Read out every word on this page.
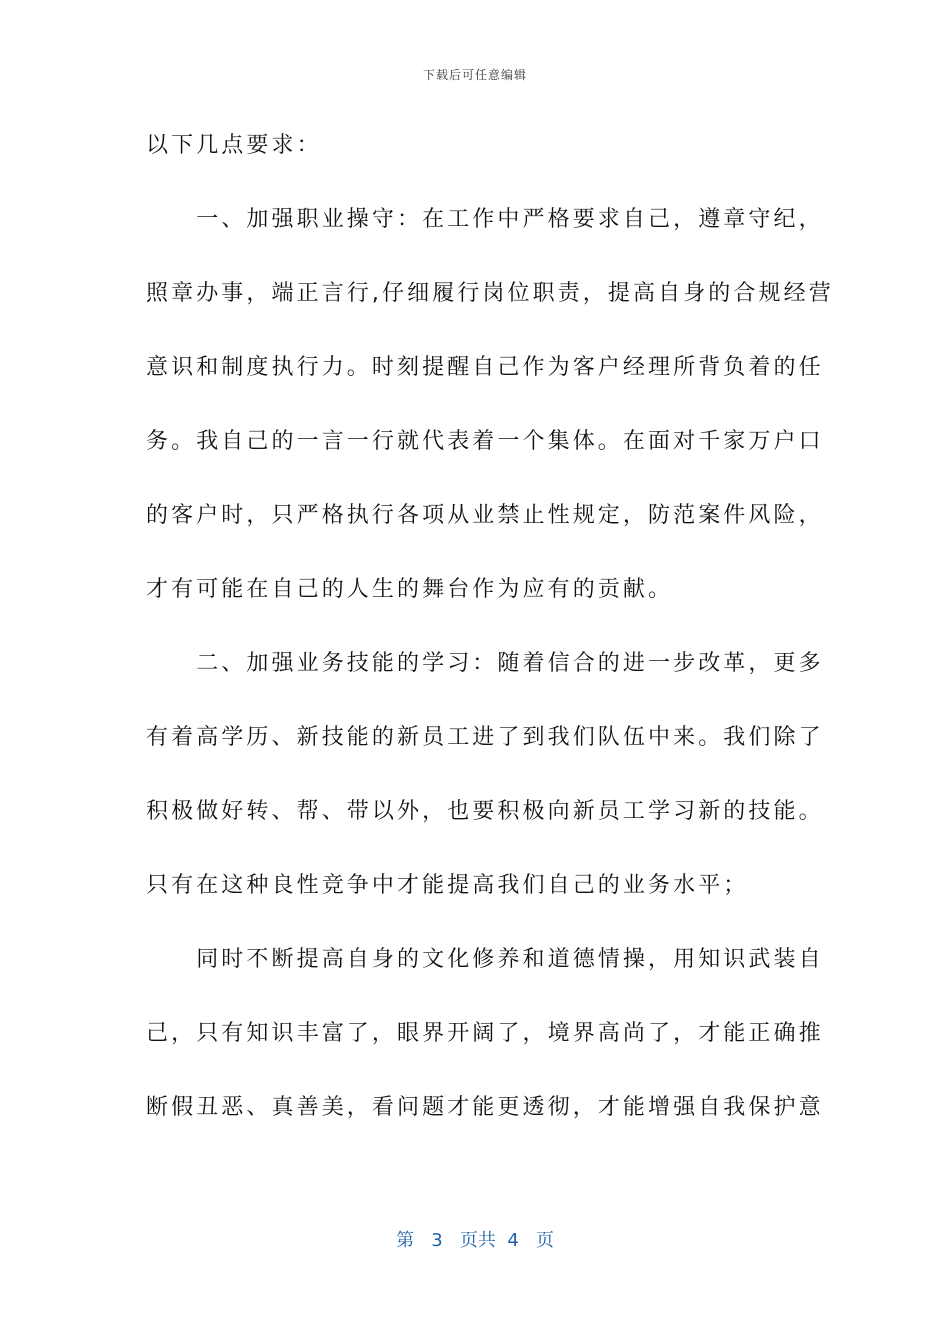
下载后可任意编辑
以下几点要求：
　　一、加强职业操守：在工作中严格要求自己，遵章守纪，
照章办事，端正言行,仔细履行岗位职责，提高自身的合规经营
意识和制度执行力。时刻提醒自己作为客户经理所背负着的任
务。我自己的一言一行就代表着一个集体。在面对千家万户口
的客户时，只严格执行各项从业禁止性规定，防范案件风险，
才有可能在自己的人生的舞台作为应有的贡献。
　　二、加强业务技能的学习：随着信合的进一步改革，更多
有着高学历、新技能的新员工进了到我们队伍中来。我们除了
积极做好转、帮、带以外，也要积极向新员工学习新的技能。
只有在这种良性竞争中才能提高我们自己的业务水平；
　　同时不断提高自身的文化修养和道德情操，用知识武装自
己，只有知识丰富了，眼界开阔了，境界高尚了，才能正确推
断假丑恶、真善美，看问题才能更透彻，才能增强自我保护意
第 3 页共 4 页
